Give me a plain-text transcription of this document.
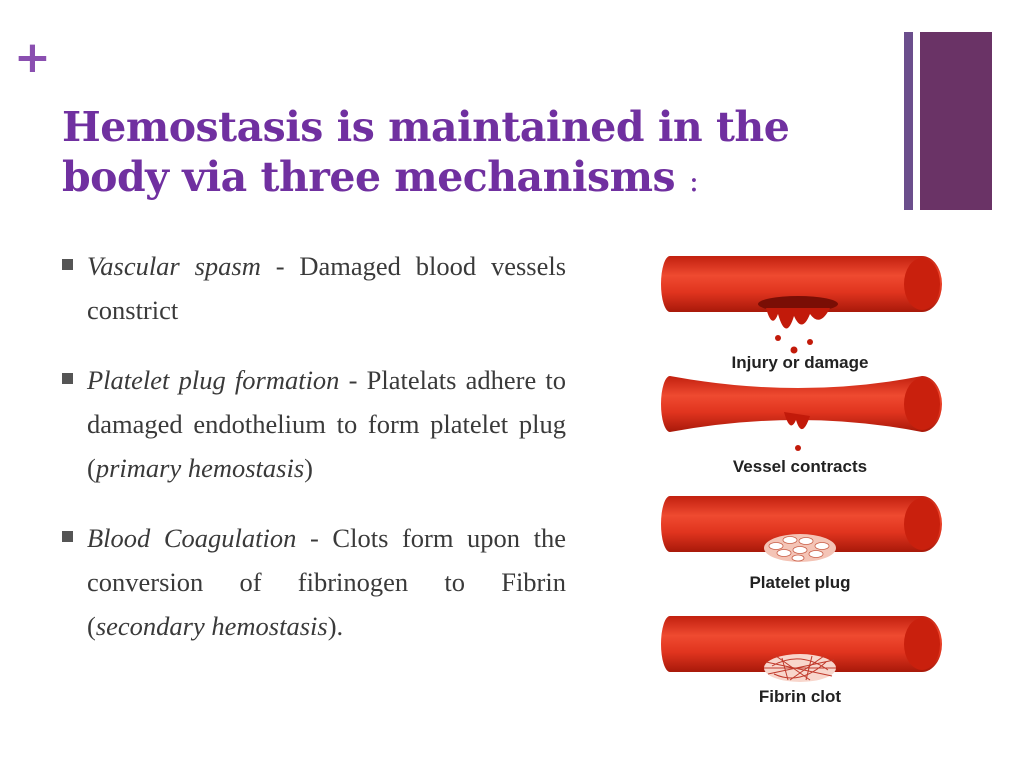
+
Hemostasis is maintained in the
body via three mechanisms :
Vascular spasm - Damaged blood vessels constrict
Platelet plug formation - Platelats adhere to damaged endothelium to form platelet plug (primary hemostasis)
Blood Coagulation - Clots form upon the conversion of fibrinogen to Fibrin (secondary hemostasis).
Injury or damage
Vessel contracts
Platelet plug
Fibrin clot
